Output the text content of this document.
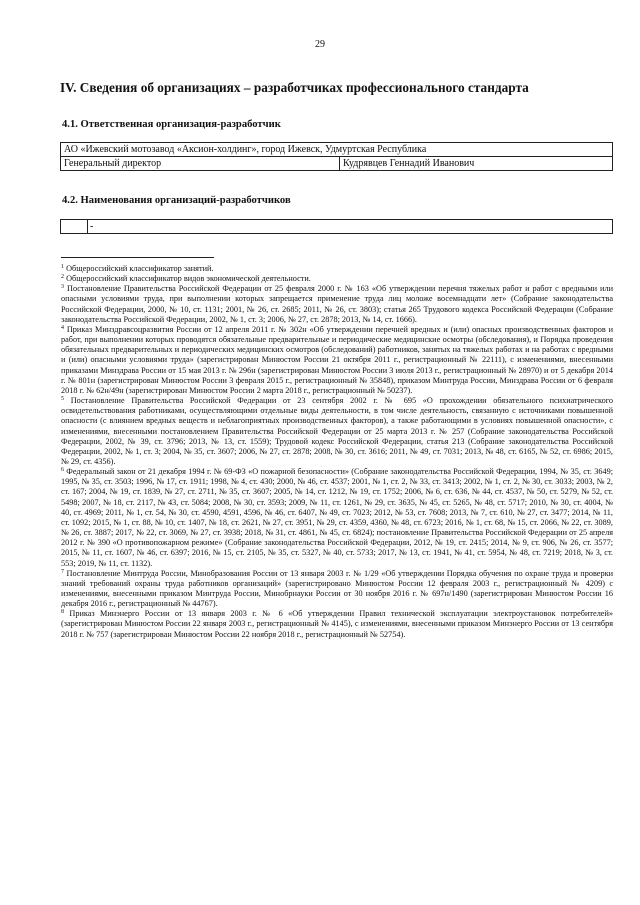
29
IV. Сведения об организациях – разработчиках профессионального стандарта
4.1. Ответственная организация-разработчик
АО «Ижевский мотозавод «Аксион-холдинг», город Ижевск, Удмуртская Республика
Генеральный директор	Кудрявцев Геннадий Иванович
4.2. Наименования организаций-разработчиков
	-

$^1$ Общероссийский классификатор занятий.

$^2$ Общероссийский классификатор видов экономической деятельности.

$^3$ Постановление Правительства Российской Федерации от 25 февраля 2000 г. № 163 «Об утверждении перечня тяжелых работ и работ с вредными или опасными условиями труда, при выполнении которых запрещается применение труда лиц моложе восемнадцати лет» (Собрание законодательства Российской Федерации, 2000, № 10, ст. 1131; 2001, № 26, ст. 2685; 2011, № 26, ст. 3803); статья 265 Трудового кодекса Российской Федерации (Собрание законодательства Российской Федерации, 2002, № 1, ст. 3; 2006, № 27, ст. 2878; 2013, № 14, ст. 1666).

$^4$ Приказ Минздравсоцразвития России от 12 апреля 2011 г. № 302н «Об утверждении перечней вредных и (или) опасных производственных факторов и работ, при выполнении которых проводятся обязательные предварительные и периодические медицинские осмотры (обследования), и Порядка проведения обязательных предварительных и периодических медицинских осмотров (обследований) работников, занятых на тяжелых работах и на работах с вредными и (или) опасными условиями труда» (зарегистрирован Минюстом России 21 октября 2011 г., регистрационный № 22111), с изменениями, внесенными приказами Минздрава России от 15 мая 2013 г. № 296н (зарегистрирован Минюстом России 3 июля 2013 г., регистрационный № 28970) и от 5 декабря 2014 г. № 801н (зарегистрирован Минюстом России 3 февраля 2015 г., регистрационный № 35848), приказом Минтруда России, Минздрава России от 6 февраля 2018 г. № 62н/49н (зарегистрирован Минюстом России 2 марта 2018 г., регистрационный № 50237).

$^5$ Постановление Правительства Российской Федерации от 23 сентября 2002 г. № 695 «О прохождении обязательного психиатрического освидетельствования работниками, осуществляющими отдельные виды деятельности, в том числе деятельность, связанную с источниками повышенной опасности (с влиянием вредных веществ и неблагоприятных производственных факторов), а также работающими в условиях повышенной опасности», с изменениями, внесенными постановлением Правительства Российской Федерации от 25 марта 2013 г. № 257 (Собрание законодательства Российской Федерации, 2002, № 39, ст. 3796; 2013, № 13, ст. 1559); Трудовой кодекс Российской Федерации, статья 213 (Собрание законодательства Российской Федерации, 2002, № 1, ст. 3; 2004, № 35, ст. 3607; 2006, № 27, ст. 2878; 2008, № 30, ст. 3616; 2011, № 49, ст. 7031; 2013, № 48, ст. 6165, № 52, ст. 6986; 2015, № 29, ст. 4356).

$^6$ Федеральный закон от 21 декабря 1994 г. № 69-ФЗ «О пожарной безопасности» (Собрание законодательства Российской Федерации, 1994, № 35, ст. 3649; 1995, № 35, ст. 3503; 1996, № 17, ст. 1911; 1998, № 4, ст. 430; 2000, № 46, ст. 4537; 2001, № 1, ст. 2, № 33, ст. 3413; 2002, № 1, ст. 2, № 30, ст. 3033; 2003, № 2, ст. 167; 2004, № 19, ст. 1839, № 27, ст. 2711, № 35, ст. 3607; 2005, № 14, ст. 1212, № 19, ст. 1752; 2006, № 6, ст. 636, № 44, ст. 4537, № 50, ст. 5279, № 52, ст. 5498; 2007, № 18, ст. 2117, № 43, ст. 5084; 2008, № 30, ст. 3593; 2009, № 11, ст. 1261, № 29, ст. 3635, № 45, ст. 5265, № 48, ст. 5717; 2010, № 30, ст. 4004, № 40, ст. 4969; 2011, № 1, ст. 54, № 30, ст. 4590, 4591, 4596, № 46, ст. 6407, № 49, ст. 7023; 2012, № 53, ст. 7608; 2013, № 7, ст. 610, № 27, ст. 3477; 2014, № 11, ст. 1092; 2015, № 1, ст. 88, № 10, ст. 1407, № 18, ст. 2621, № 27, ст. 3951, № 29, ст. 4359, 4360, № 48, ст. 6723; 2016, № 1, ст. 68, № 15, ст. 2066, № 22, ст. 3089, № 26, ст. 3887; 2017, № 22, ст. 3069, № 27, ст. 3938; 2018, № 31, ст. 4861, № 45, ст. 6824); постановление Правительства Российской Федерации от 25 апреля 2012 г. № 390 «О противопожарном режиме» (Собрание законодательства Российской Федерации, 2012, № 19, ст. 2415; 2014, № 9, ст. 906, № 26, ст. 3577; 2015, № 11, ст. 1607, № 46, ст. 6397; 2016, № 15, ст. 2105, № 35, ст. 5327, № 40, ст. 5733; 2017, № 13, ст. 1941, № 41, ст. 5954, № 48, ст. 7219; 2018, № 3, ст. 553; 2019, № 11, ст. 1132).

$^7$ Постановление Минтруда России, Минобразования России от 13 января 2003 г. № 1/29 «Об утверждении Порядка обучения по охране труда и проверки знаний требований охраны труда работников организаций» (зарегистрировано Минюстом России 12 февраля 2003 г., регистрационный № 4209) с изменениями, внесенными приказом Минтруда России, Минобрнауки России от 30 ноября 2016 г. № 697н/1490 (зарегистрирован Минюстом России 16 декабря 2016 г., регистрационный № 44767).

$^8$ Приказ Минэнерго России от 13 января 2003 г. № 6 «Об утверждении Правил технической эксплуатации электроустановок потребителей» (зарегистрирован Минюстом России 22 января 2003 г., регистрационный № 4145), с изменениями, внесенными приказом Минэнерго России от 13 сентября 2018 г. № 757 (зарегистрирован Минюстом России 22 ноября 2018 г., регистрационный № 52754).
